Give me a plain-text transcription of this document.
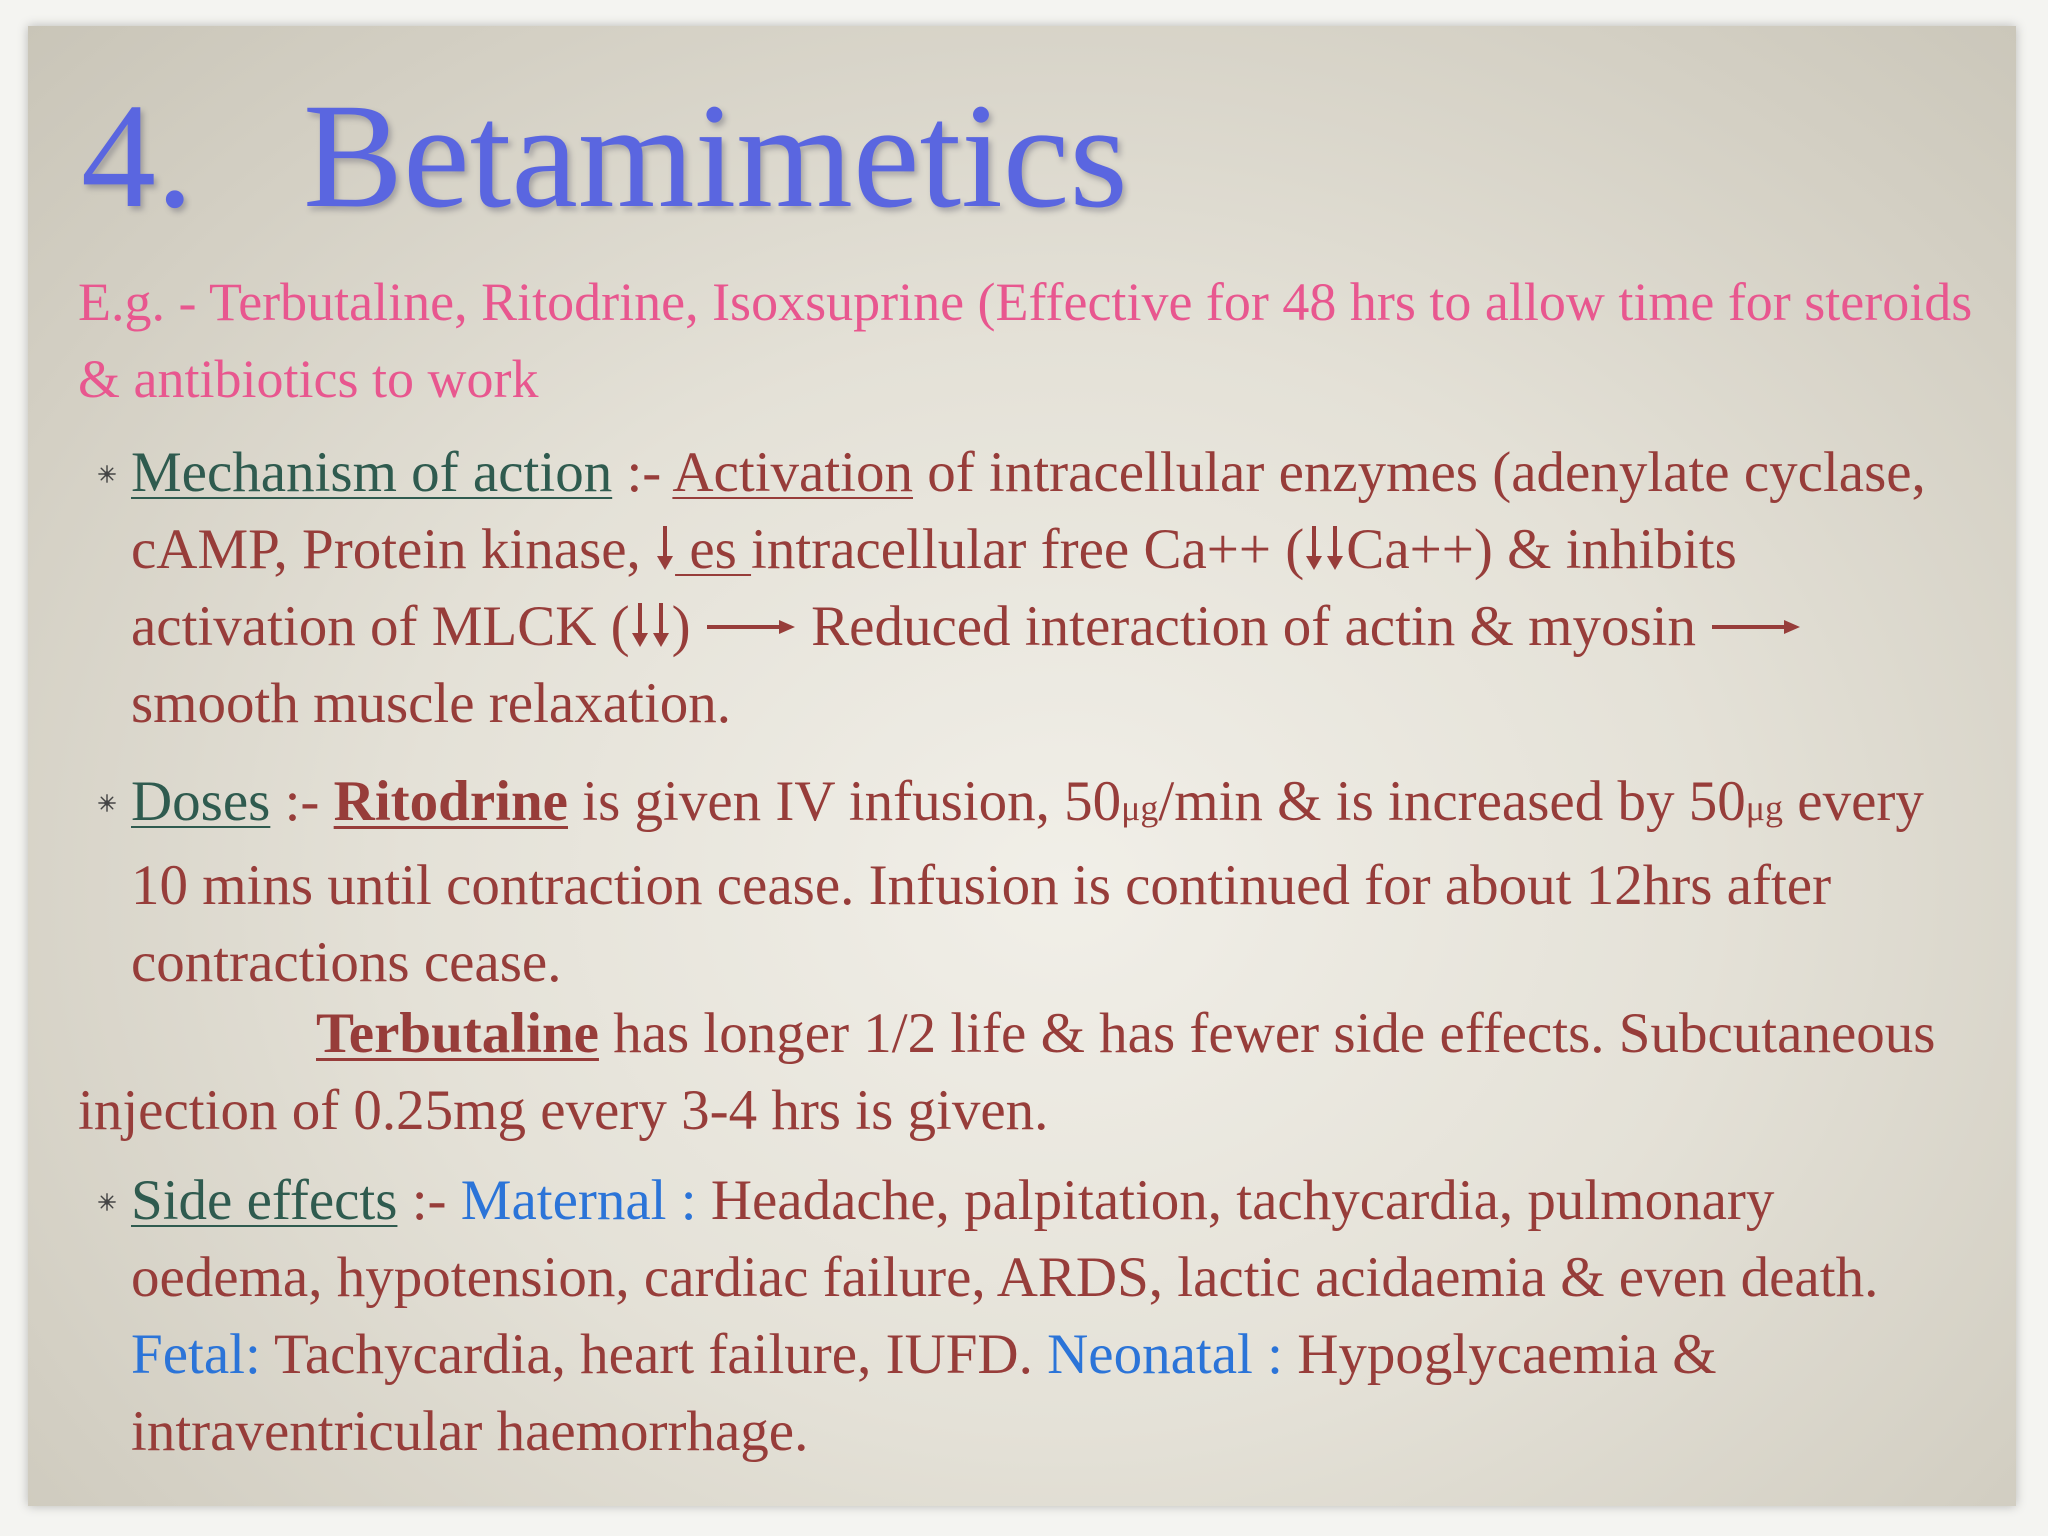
4. Betamimetics

E.g. - Terbutaline, Ritodrine, Isoxsuprine (Effective for 48 hrs to allow time for steroids & antibiotics to work

Mechanism of action :- Activation of intracellular enzymes (adenylate cyclase, cAMP, Protein kinase,  es intracellular free Ca++ ( Ca++) & inhibits activation of MLCK ( )  Reduced interaction of actin & myosin  smooth muscle relaxation.

Doses :- Ritodrine is given IV infusion, 50μg/min & is increased by 50μg every 10 mins until contraction cease. Infusion is continued for about 12hrs after contractions cease.

Terbutaline has longer 1/2 life & has fewer side effects. Subcutaneous injection of 0.25mg every 3-4 hrs is given.

Side effects :- Maternal : Headache, palpitation, tachycardia, pulmonary oedema, hypotension, cardiac failure, ARDS, lactic acidaemia & even death. Fetal: Tachycardia, heart failure, IUFD. Neonatal : Hypoglycaemia & intraventricular haemorrhage.
